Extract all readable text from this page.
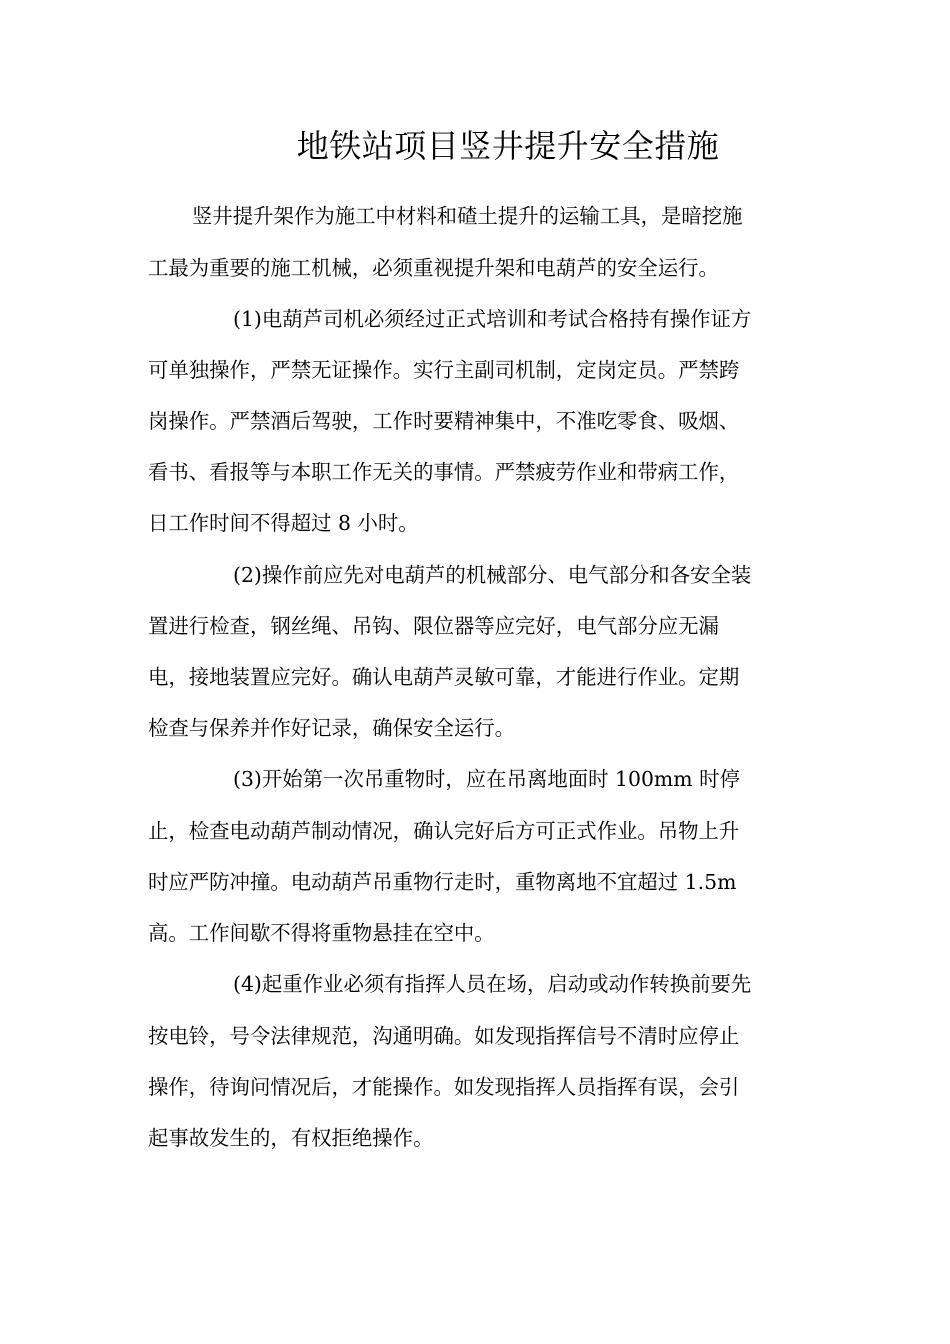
地铁站项目竖井提升安全措施
竖井提升架作为施工中材料和碴土提升的运输工具，是暗挖施
工最为重要的施工机械，必须重视提升架和电葫芦的安全运行。
(1)电葫芦司机必须经过正式培训和考试合格持有操作证方
可单独操作，严禁无证操作。实行主副司机制，定岗定员。严禁跨
岗操作。严禁酒后驾驶，工作时要精神集中，不准吃零食、吸烟、
看书、看报等与本职工作无关的事情。严禁疲劳作业和带病工作，
日工作时间不得超过 8 小时。
(2)操作前应先对电葫芦的机械部分、电气部分和各安全装
置进行检查，钢丝绳、吊钩、限位器等应完好，电气部分应无漏
电，接地装置应完好。确认电葫芦灵敏可靠，才能进行作业。定期
检查与保养并作好记录，确保安全运行。
(3)开始第一次吊重物时，应在吊离地面时 100mm 时停
止，检查电动葫芦制动情况，确认完好后方可正式作业。吊物上升
时应严防冲撞。电动葫芦吊重物行走时，重物离地不宜超过 1.5m
高。工作间歇不得将重物悬挂在空中。
(4)起重作业必须有指挥人员在场，启动或动作转换前要先
按电铃，号令法律规范，沟通明确。如发现指挥信号不清时应停止
操作，待询问情况后，才能操作。如发现指挥人员指挥有误，会引
起事故发生的，有权拒绝操作。
